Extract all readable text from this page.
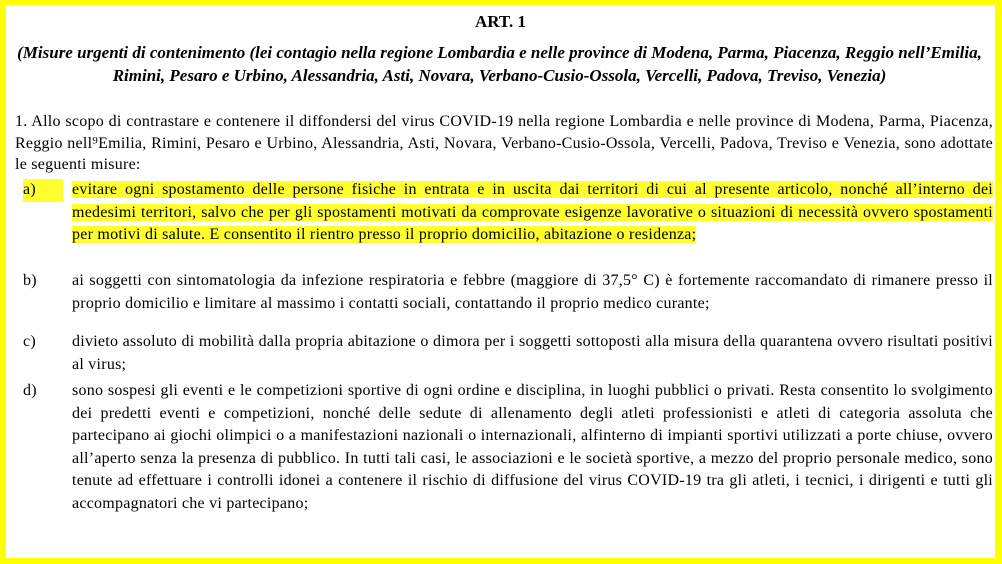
ART. 1
(Misure urgenti di contenimento (lei contagio nella regione Lombardia e nelle province di Modena, Parma, Piacenza, Reggio nell’Emilia, Rimini, Pesaro e Urbino, Alessandria, Asti, Novara, Verbano-Cusio-Ossola, Vercelli, Padova, Treviso, Venezia)
1. Allo scopo di contrastare e contenere il diffondersi del virus COVID-19 nella regione Lombardia e nelle province di Modena, Parma, Piacenza, Reggio nell⁹Emilia, Rimini, Pesaro e Urbino, Alessandria, Asti, Novara, Verbano-Cusio-Ossola, Vercelli, Padova, Treviso e Venezia, sono adottate le seguenti misure:
a)	evitare ogni spostamento delle persone fisiche in entrata e in uscita dai territori di cui al presente articolo, nonché all’interno dei medesimi territori, salvo che per gli spostamenti motivati da comprovate esigenze lavorative o situazioni di necessità ovvero spostamenti per motivi di salute. E consentito il rientro presso il proprio domicilio, abitazione o residenza;
b)	ai soggetti con sintomatologia da infezione respiratoria e febbre (maggiore di 37,5° C) è fortemente raccomandato di rimanere presso il proprio domicilio e limitare al massimo i contatti sociali, contattando il proprio medico curante;
c)	divieto assoluto di mobilità dalla propria abitazione o dimora per i soggetti sottoposti alla misura della quarantena ovvero risultati positivi al virus;
d)	sono sospesi gli eventi e le competizioni sportive di ogni ordine e disciplina, in luoghi pubblici o privati. Resta consentito lo svolgimento dei predetti eventi e competizioni, nonché delle sedute di allenamento degli atleti professionisti e atleti di categoria assoluta che partecipano ai giochi olimpici o a manifestazioni nazionali o internazionali, alfinterno di impianti sportivi utilizzati a porte chiuse, ovvero all’aperto senza la presenza di pubblico. In tutti tali casi, le associazioni e le società sportive, a mezzo del proprio personale medico, sono tenute ad effettuare i controlli idonei a contenere il rischio di diffusione del virus COVID-19 tra gli atleti, i tecnici, i dirigenti e tutti gli accompagnatori che vi partecipano;
